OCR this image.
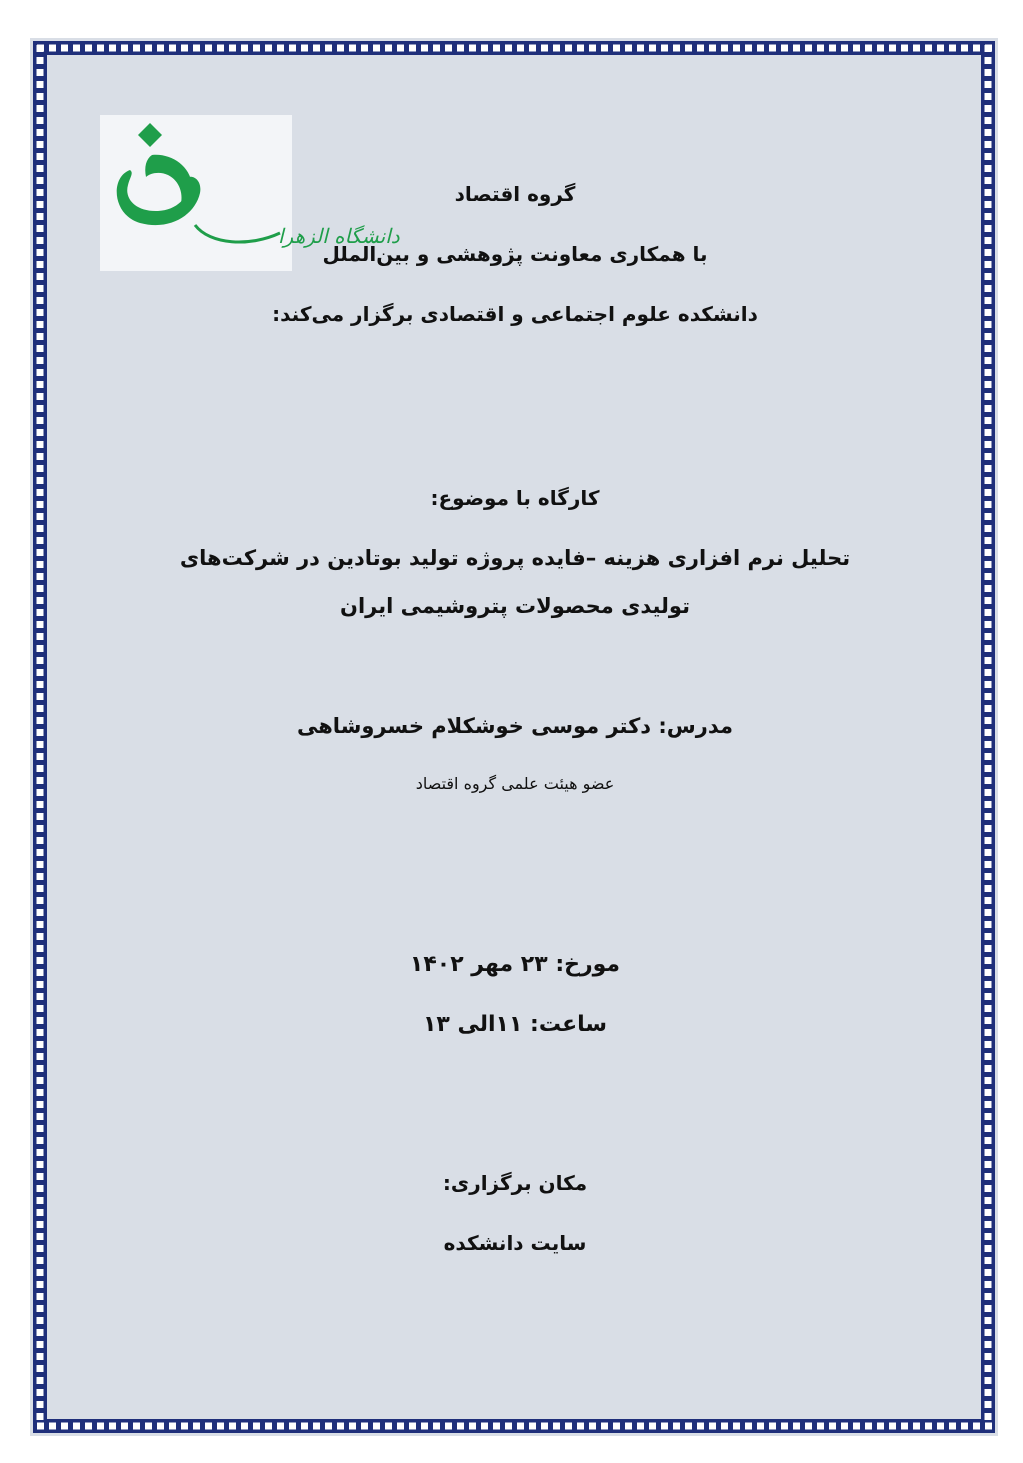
دانشگاه الزهرا
گروه اقتصاد
با همکاری معاونت پژوهشی و بین‌الملل
دانشکده علوم اجتماعی و اقتصادی برگزار می‌کند:
کارگاه با موضوع:
تحلیل نرم افزاری هزینه –فایده پروژه تولید بوتادین در شرکت‌های
تولیدی محصولات پتروشیمی ایران
مدرس: دکتر موسی خوشکلام خسروشاهی
عضو هیئت علمی گروه اقتصاد
مورخ: ۲۳ مهر ۱۴۰۲
ساعت: ۱۱الی ۱۳
مکان برگزاری:
سایت دانشکده
